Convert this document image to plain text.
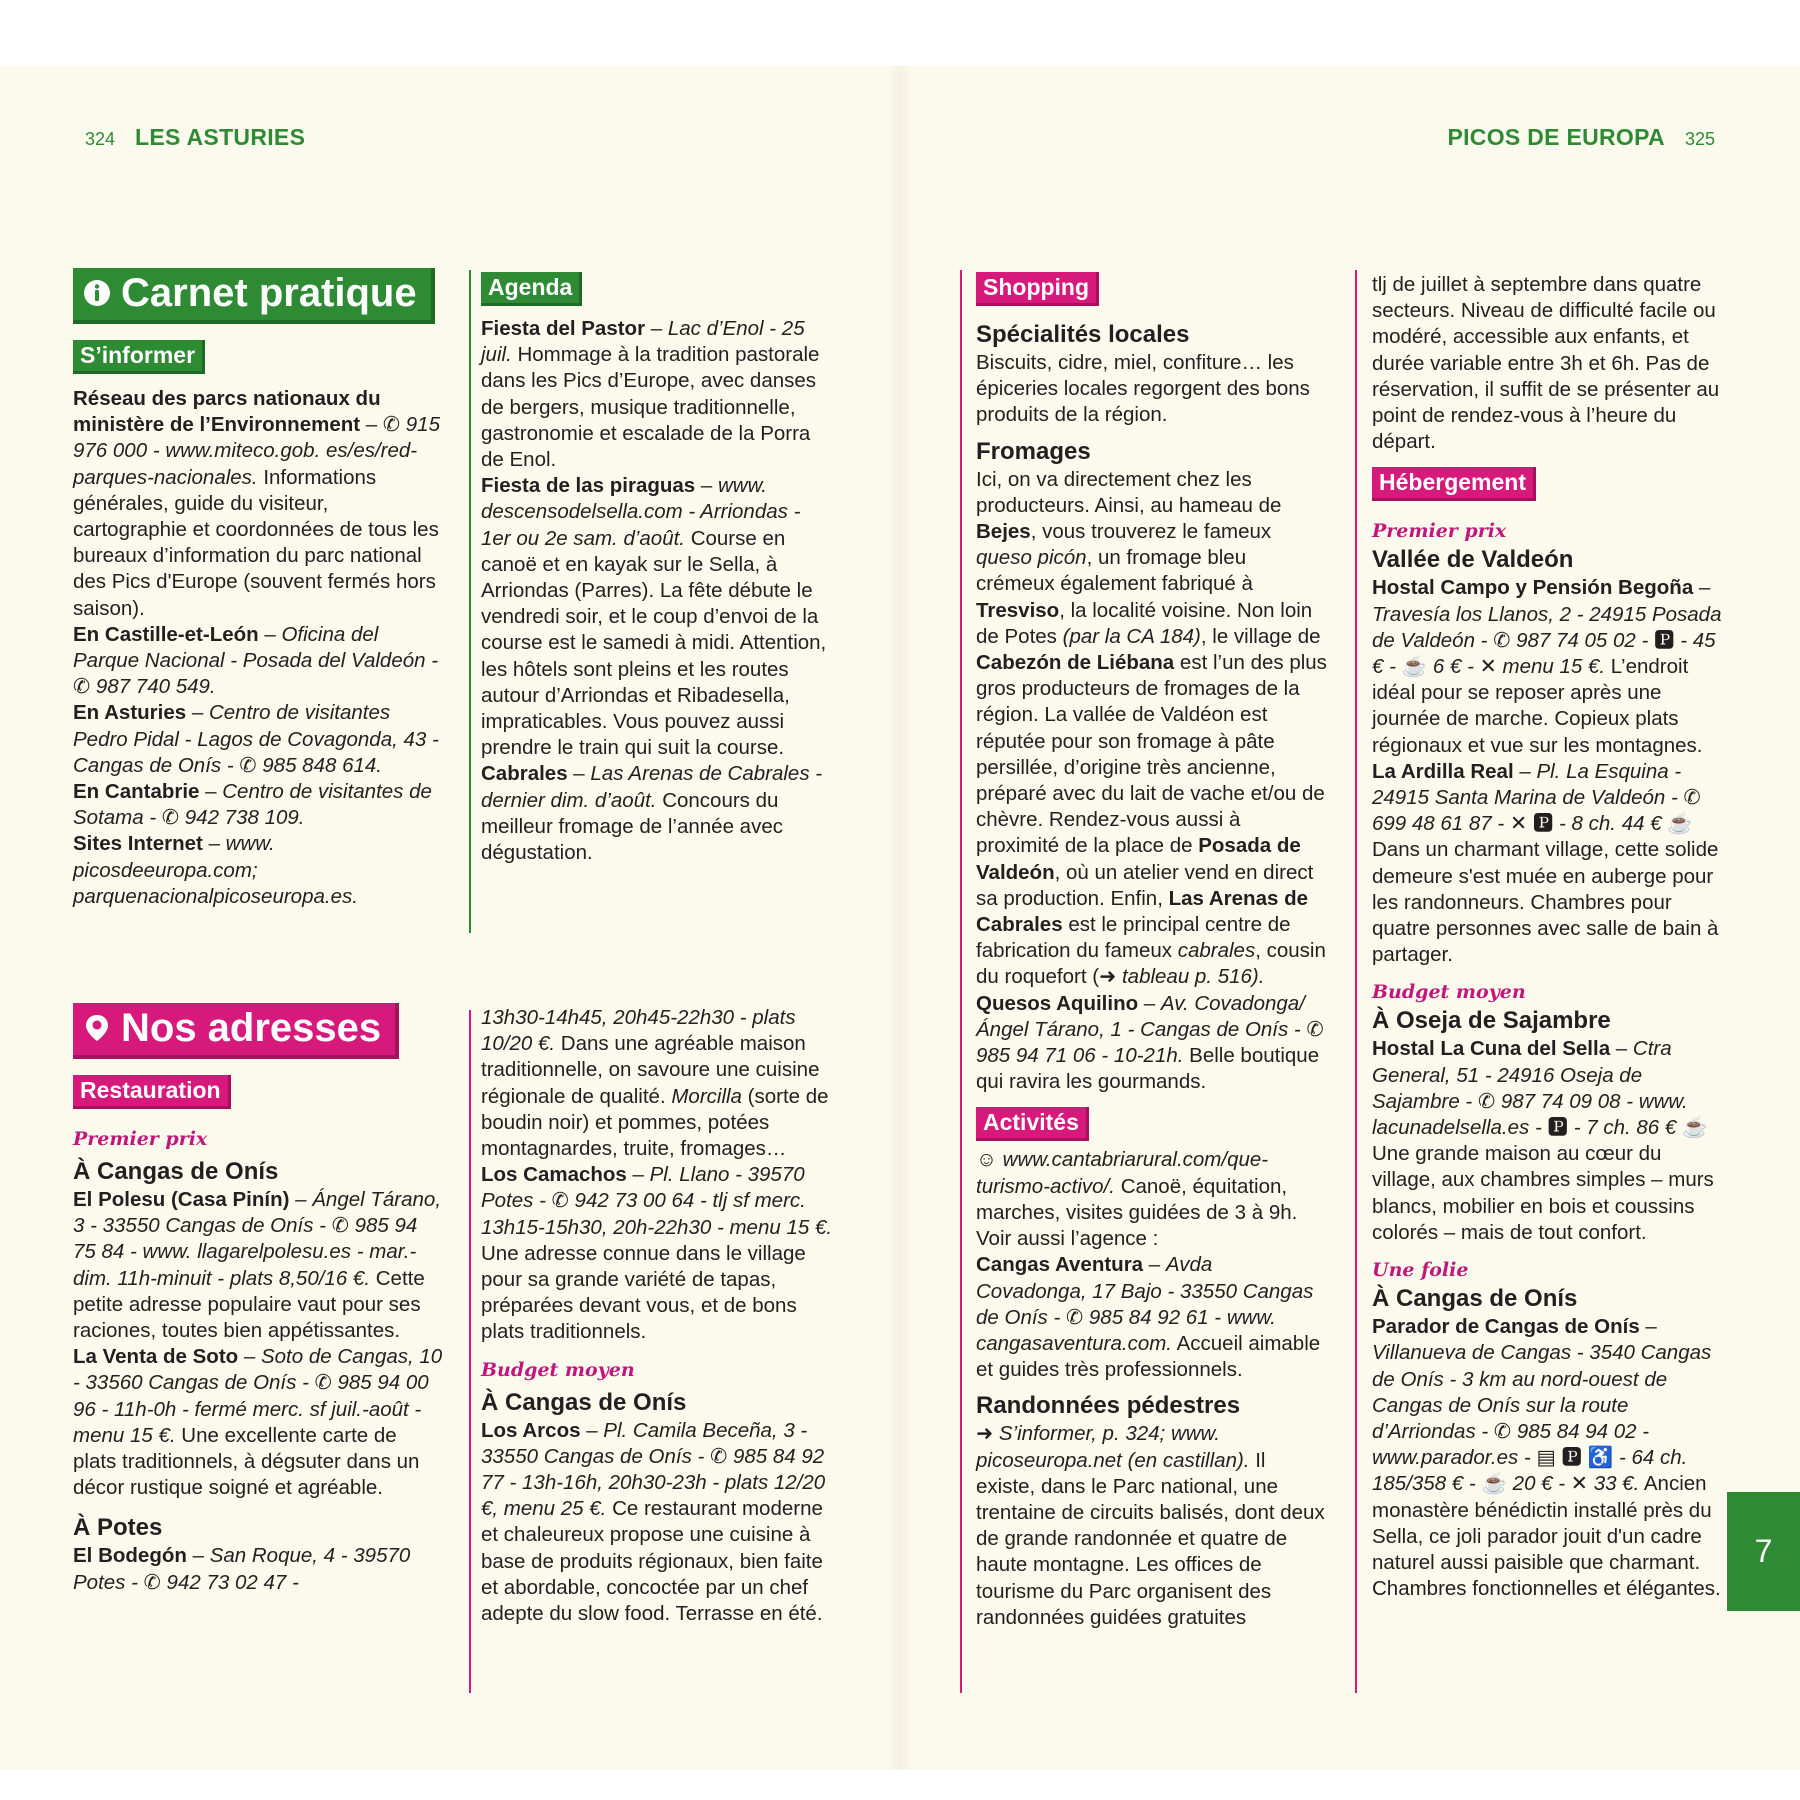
324 LES ASTURIES	PICOS DE EUROPA 325
Carnet pratique
S’informer

Réseau des parcs nationaux du ministère de l’Environnement – ✆ 915 976 000 - www.miteco.gob. es/es/red-parques-nacionales. Informations générales, guide du visiteur, cartographie et coordonnées de tous les bureaux d’information du parc national des Pics d'Europe (souvent fermés hors saison).

En Castille-et-León – Oficina del Parque Nacional - Posada del Valdeón - ✆ 987 740 549.

En Asturies – Centro de visitantes Pedro Pidal - Lagos de Covagonda, 43 - Cangas de Onís - ✆ 985 848 614.

En Cantabrie – Centro de visitantes de Sotama - ✆ 942 738 109.

Sites Internet – www. picosdeeuropa.com; parquenacionalpicoseuropa.es.

Nos adresses
Restauration

Premier prix

À Cangas de Onís

El Polesu (Casa Pinín) – Ángel Tárano, 3 - 33550 Cangas de Onís - ✆ 985 94 75 84 - www. llagarelpolesu.es - mar.-dim. 11h-minuit - plats 8,50/16 €. Cette petite adresse populaire vaut pour ses raciones, toutes bien appétissantes.

La Venta de Soto – Soto de Cangas, 10 - 33560 Cangas de Onís - ✆ 985 94 00 96 - 11h-0h - fermé merc. sf juil.-août - menu 15 €. Une excellente carte de plats traditionnels, à dégsuter dans un décor rustique soigné et agréable.

À Potes

El Bodegón – San Roque, 4 - 39570 Potes - ✆ 942 73 02 47 -

Agenda

Fiesta del Pastor – Lac d’Enol - 25 juil. Hommage à la tradition pastorale dans les Pics d’Europe, avec danses de bergers, musique traditionnelle, gastronomie et escalade de la Porra de Enol.

Fiesta de las piraguas – www. descensodelsella.com - Arriondas - 1er ou 2e sam. d’août. Course en canoë et en kayak sur le Sella, à Arriondas (Parres). La fête débute le vendredi soir, et le coup d’envoi de la course est le samedi à midi. Attention, les hôtels sont pleins et les routes autour d’Arriondas et Ribadesella, impraticables. Vous pouvez aussi prendre le train qui suit la course.

Cabrales – Las Arenas de Cabrales - dernier dim. d’août. Concours du meilleur fromage de l’année avec dégustation.

13h30-14h45, 20h45-22h30 - plats 10/20 €. Dans une agréable maison traditionnelle, on savoure une cuisine régionale de qualité. Morcilla (sorte de boudin noir) et pommes, potées montagnardes, truite, fromages…

Los Camachos – Pl. Llano - 39570 Potes - ✆ 942 73 00 64 - tlj sf merc. 13h15-15h30, 20h-22h30 - menu 15 €. Une adresse connue dans le village pour sa grande variété de tapas, préparées devant vous, et de bons plats traditionnels.

Budget moyen

À Cangas de Onís

Los Arcos – Pl. Camila Beceña, 3 - 33550 Cangas de Onís - ✆ 985 84 92 77 - 13h-16h, 20h30-23h - plats 12/20 €, menu 25 €. Ce restaurant moderne et chaleureux propose une cuisine à base de produits régionaux, bien faite et abordable, concoctée par un chef adepte du slow food. Terrasse en été.

Shopping

Spécialités locales

Biscuits, cidre, miel, confiture… les épiceries locales regorgent des bons produits de la région.

Fromages

Ici, on va directement chez les producteurs. Ainsi, au hameau de Bejes, vous trouverez le fameux queso picón, un fromage bleu crémeux également fabriqué à Tresviso, la localité voisine. Non loin de Potes (par la CA 184), le village de Cabezón de Liébana est l’un des plus gros producteurs de fromages de la région. La vallée de Valdéon est réputée pour son fromage à pâte persillée, d’origine très ancienne, préparé avec du lait de vache et/ou de chèvre. Rendez-vous aussi à proximité de la place de Posada de Valdeón, où un atelier vend en direct sa production. Enfin, Las Arenas de Cabrales est le principal centre de fabrication du fameux cabrales, cousin du roquefort (➜ tableau p. 516).

Quesos Aquilino – Av. Covadonga/ Ángel Tárano, 1 - Cangas de Onís - ✆ 985 94 71 06 - 10-21h. Belle boutique qui ravira les gourmands.

Activités

☺ www.cantabriarural.com/que- turismo-activo/. Canoë, équitation, marches, visites guidées de 3 à 9h. Voir aussi l’agence :

Cangas Aventura – Avda Covadonga, 17 Bajo - 33550 Cangas de Onís - ✆ 985 84 92 61 - www. cangasaventura.com. Accueil aimable et guides très professionnels.

Randonnées pédestres

➜ S’informer, p. 324; www. picoseuropa.net (en castillan). Il existe, dans le Parc national, une trentaine de circuits balisés, dont deux de grande randonnée et quatre de haute montagne. Les offices de tourisme du Parc organisent des randonnées guidées gratuites

tlj de juillet à septembre dans quatre secteurs. Niveau de difficulté facile ou modéré, accessible aux enfants, et durée variable entre 3h et 6h. Pas de réservation, il suffit de se présenter au point de rendez-vous à l’heure du départ.

Hébergement

Premier prix

Vallée de Valdeón

Hostal Campo y Pensión Begoña – Travesía los Llanos, 2 - 24915 Posada de Valdeón - ✆ 987 74 05 02 - 🅿 - 45 € - ☕ 6 € - ✕ menu 15 €. L’endroit idéal pour se reposer après une journée de marche. Copieux plats régionaux et vue sur les montagnes.

La Ardilla Real – Pl. La Esquina - 24915 Santa Marina de Valdeón - ✆ 699 48 61 87 - ✕ 🅿 - 8 ch. 44 € ☕Dans un charmant village, cette solide demeure s'est muée en auberge pour les randonneurs. Chambres pour quatre personnes avec salle de bain à partager.

Budget moyen

À Oseja de Sajambre

Hostal La Cuna del Sella – Ctra General, 51 - 24916 Oseja de Sajambre - ✆ 987 74 09 08 - www. lacunadelsella.es - 🅿 - 7 ch. 86 € ☕Une grande maison au cœur du village, aux chambres simples – murs blancs, mobilier en bois et coussins colorés – mais de tout confort.

Une folie

À Cangas de Onís

Parador de Cangas de Onís – Villanueva de Cangas - 3540 Cangas de Onís - 3 km au nord-ouest de Cangas de Onís sur la route d’Arriondas - ✆ 985 84 94 02 - www.parador.es - ▤ 🅿 ♿ - 64 ch. 185/358 € - ☕ 20 € - ✕ 33 €. Ancien monastère bénédictin installé près du Sella, ce joli parador jouit d'un cadre naturel aussi paisible que charmant. Chambres fonctionnelles et élégantes.

7
